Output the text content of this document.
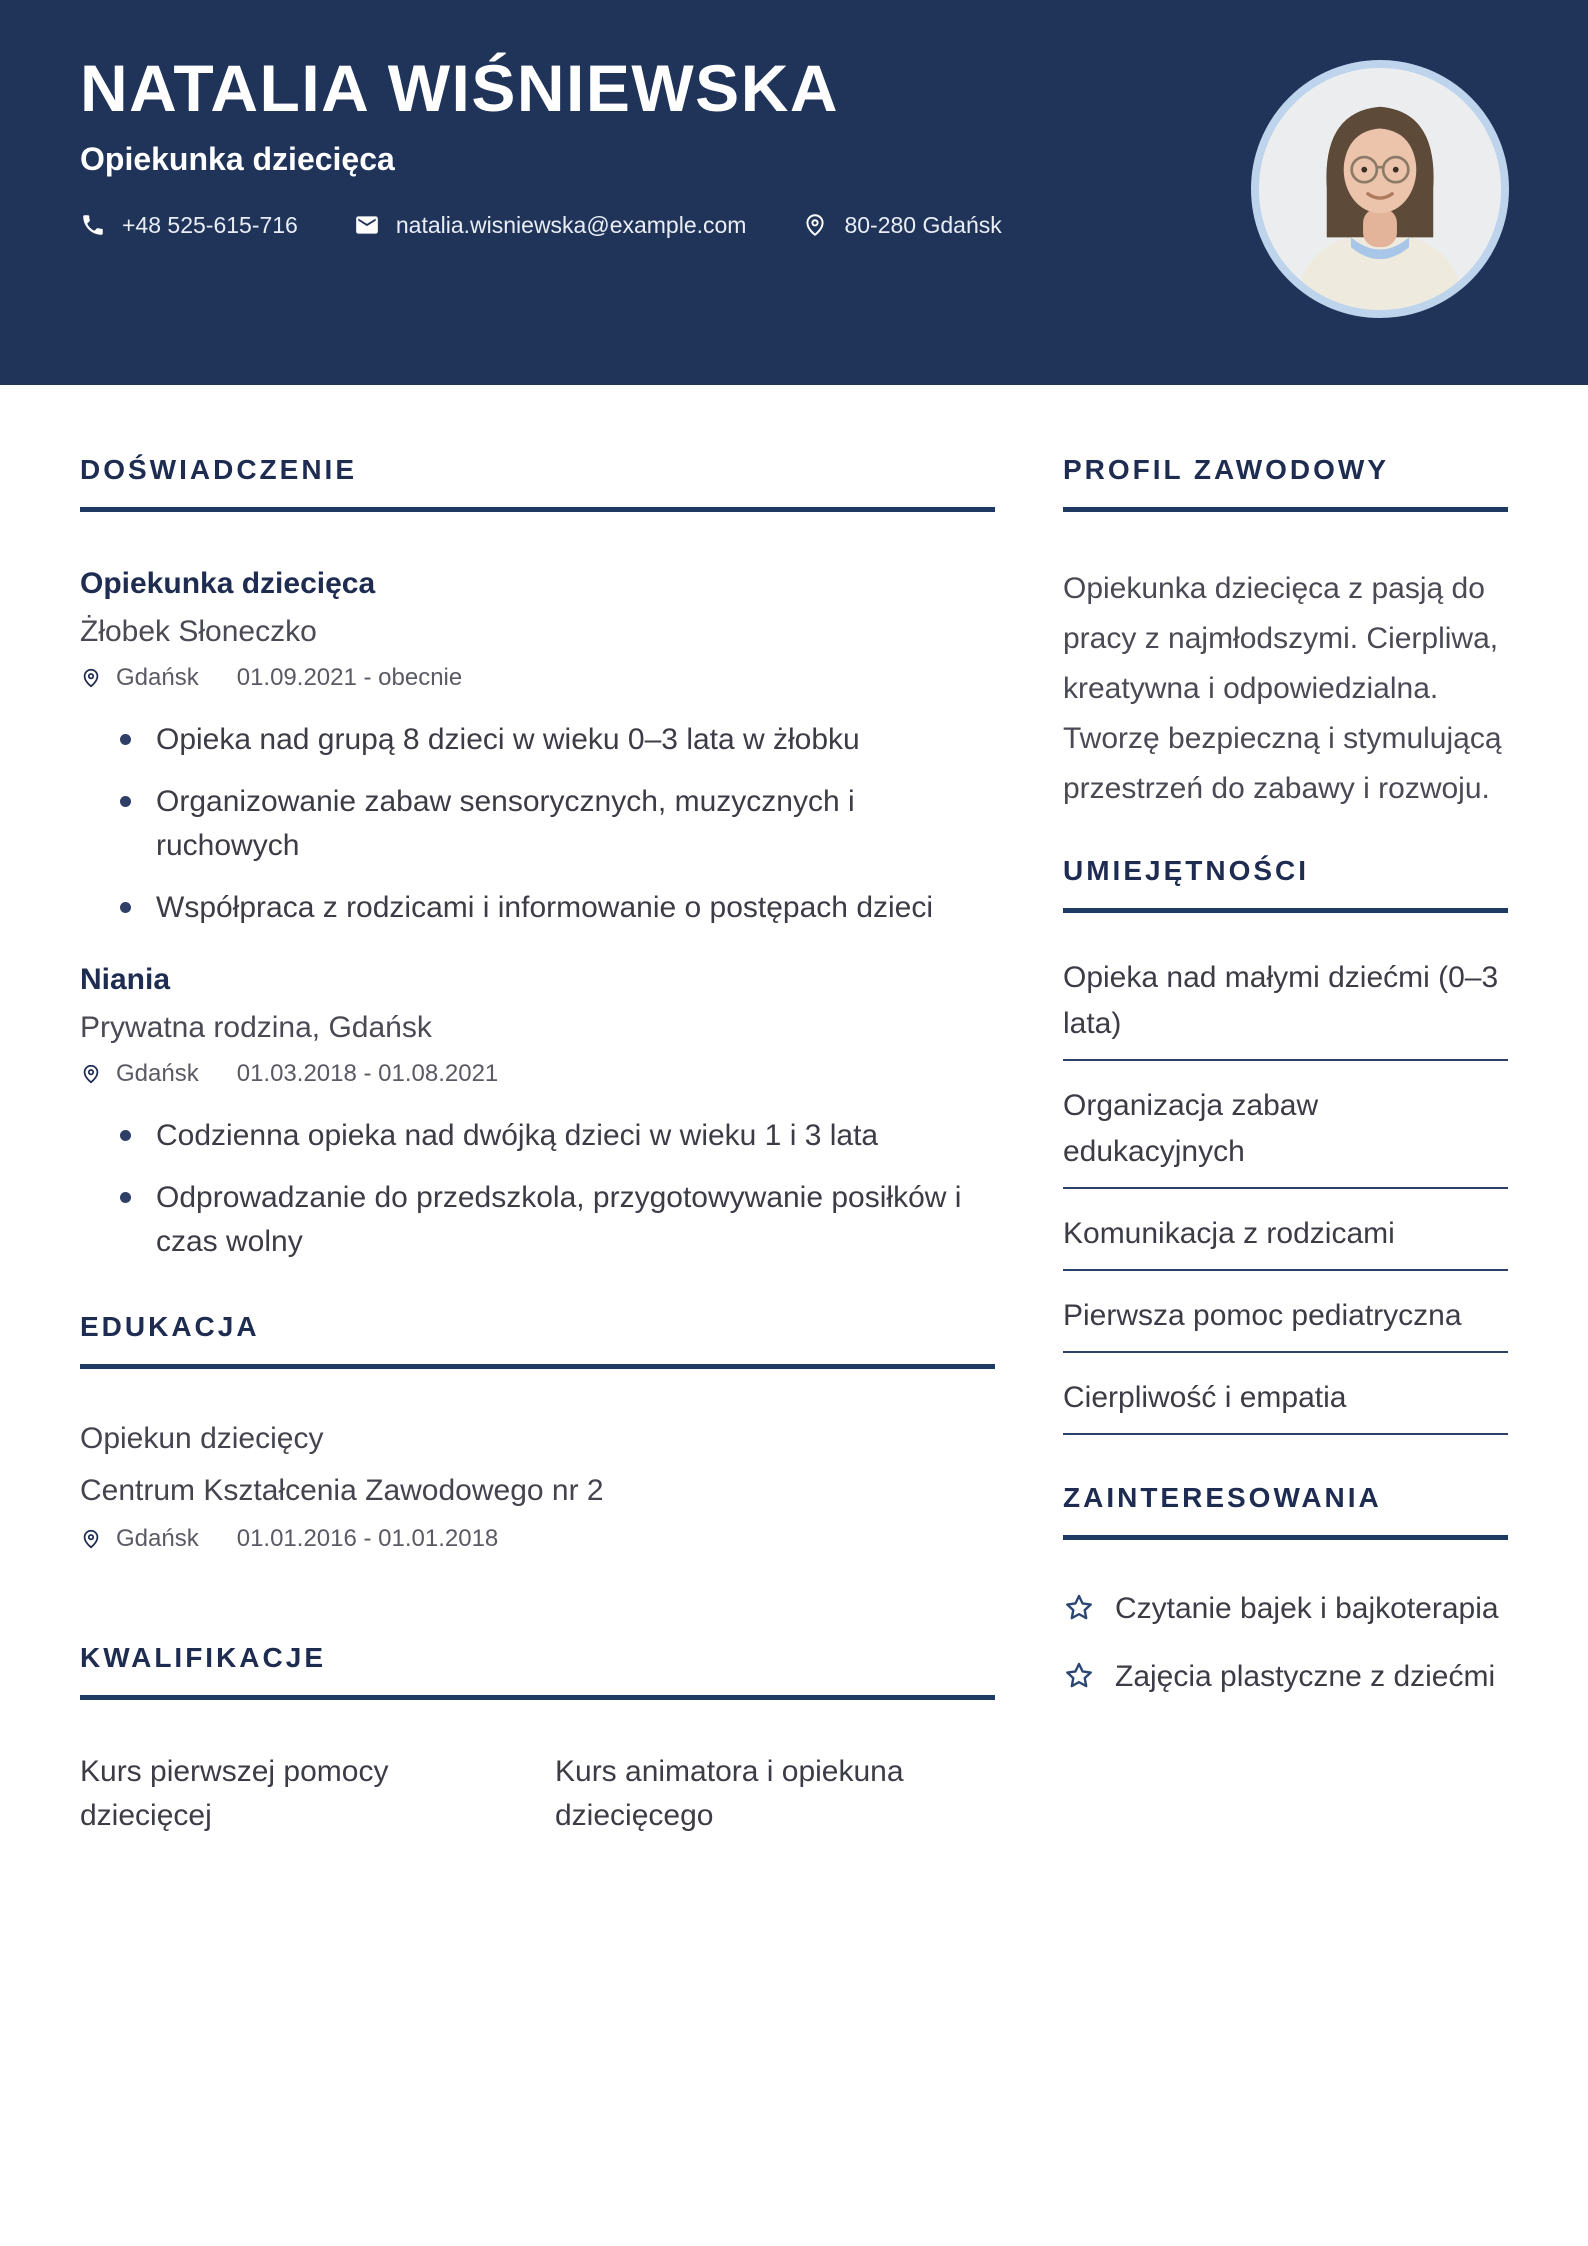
NATALIA WIŚNIEWSKA
Opiekunka dziecięca
+48 525-615-716	natalia.wisniewska@example.com	80-280 Gdańsk
DOŚWIADCZENIE
Opiekunka dziecięca
Żłobek Słoneczko
Gdańsk 01.09.2021 - obecnie
Opieka nad grupą 8 dzieci w wieku 0–3 lata w żłobku
Organizowanie zabaw sensorycznych, muzycznych i ruchowych
Współpraca z rodzicami i informowanie o postępach dzieci
Niania
Prywatna rodzina, Gdańsk
Gdańsk 01.03.2018 - 01.08.2021
Codzienna opieka nad dwójką dzieci w wieku 1 i 3 lata
Odprowadzanie do przedszkola, przygotowywanie posiłków i czas wolny
EDUKACJA
Opiekun dziecięcy
Centrum Kształcenia Zawodowego nr 2
Gdańsk 01.01.2016 - 01.01.2018
KWALIFIKACJE
Kurs pierwszej pomocy dziecięcej
Kurs animatora i opiekuna dziecięcego
PROFIL ZAWODOWY

Opiekunka dziecięca z pasją do pracy z najmłodszymi. Cierpliwa, kreatywna i odpowiedzialna. Tworzę bezpieczną i stymulującą przestrzeń do zabawy i rozwoju.

UMIEJĘTNOŚCI
Opieka nad małymi dziećmi (0–3 lata)
Organizacja zabaw edukacyjnych
Komunikacja z rodzicami
Pierwsza pomoc pediatryczna
Cierpliwość i empatia
ZAINTERESOWANIA
Czytanie bajek i bajkoterapia
Zajęcia plastyczne z dziećmi
